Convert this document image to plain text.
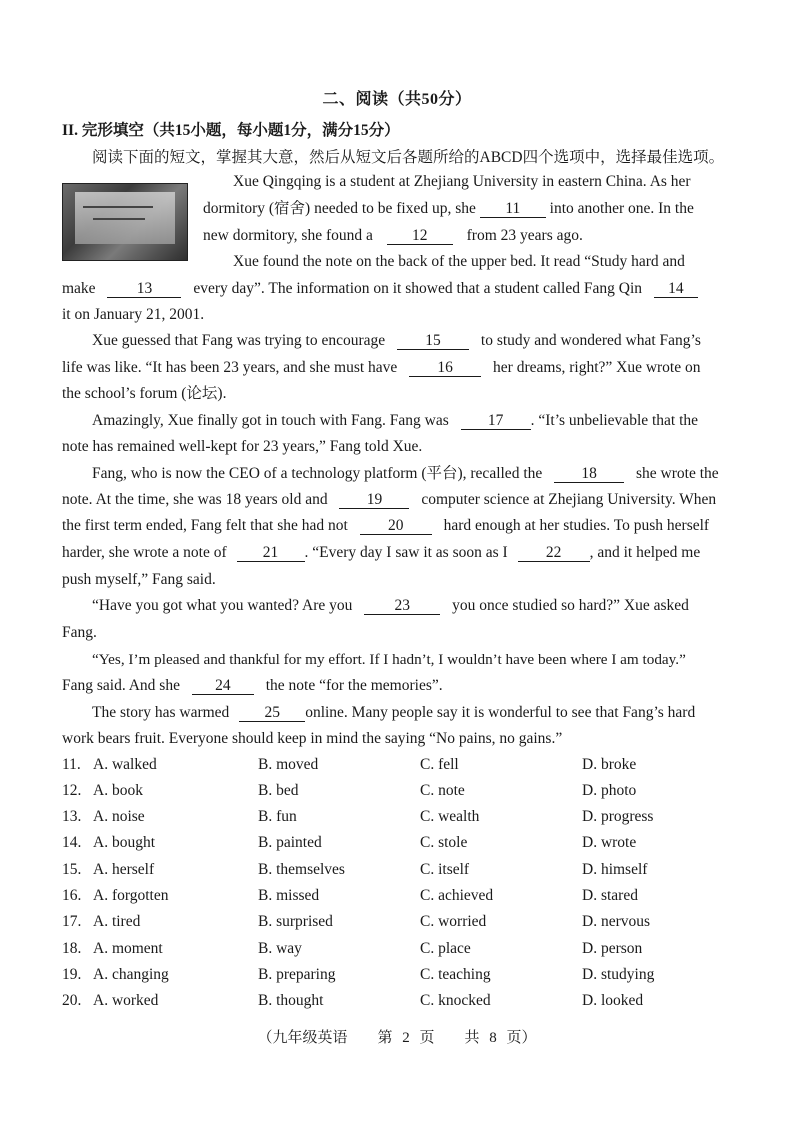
二、阅读（共50分）
II. 完形填空（共15小题，每小题1分，满分15分）
阅读下面的短文，掌握其大意，然后从短文后各题所给的ABCD四个选项中，选择最佳选项。
Xue Qingqing is a student at Zhejiang University in eastern China. As her
dormitory (宿舍) needed to be fixed up, she 11 into another one. In the
new dormitory, she found a	12	from 23 years ago.
Xue found the note on the back of the upper bed. It read “Study hard and
make	13	every day”. The information on it showed that a student called Fang Qin 14
it on January 21, 2001.
Xue guessed that Fang was trying to encourage	15	to study and wondered what Fang’s
life was like. “It has been 23 years, and she must have	16	her dreams, right?” Xue wrote on
the school’s forum (论坛).
Amazingly, Xue finally got in touch with Fang. Fang was	17 . “It’s unbelievable that the
note has remained well-kept for 23 years,” Fang told Xue.
Fang, who is now the CEO of a technology platform (平台), recalled the	18	she wrote the
note. At the time, she was 18 years old and	19	computer science at Zhejiang University. When
the first term ended, Fang felt that she had not	20	hard enough at her studies. To push herself
harder, she wrote a note of 21 . “Every day I saw it as soon as I 22 , and it helped me
push myself,” Fang said.
“Have you got what you wanted? Are you	23	you once studied so hard?” Xue asked
Fang.
“Yes, I’m pleased and thankful for my effort. If I hadn’t, I wouldn’t have been where I am today.”
Fang said. And she 24 the note “for the memories”.
The story has warmed 25 online. Many people say it is wonderful to see that Fang’s hard
work bears fruit. Everyone should keep in mind the saying “No pains, no gains.”
11. A. walked	B. moved	C. fell	D. broke
12. A. book	B. bed	C. note	D. photo
13. A. noise	B. fun	C. wealth	D. progress
14. A. bought	B. painted	C. stole	D. wrote
15. A. herself	B. themselves	C. itself	D. himself
16. A. forgotten	B. missed	C. achieved	D. stared
17. A. tired	B. surprised	C. worried	D. nervous
18. A. moment	B. way	C. place	D. person
19. A. changing	B. preparing	C. teaching	D. studying
20. A. worked	B. thought	C. knocked	D. looked
（九年级英语　　第 2 页　　共 8 页）
